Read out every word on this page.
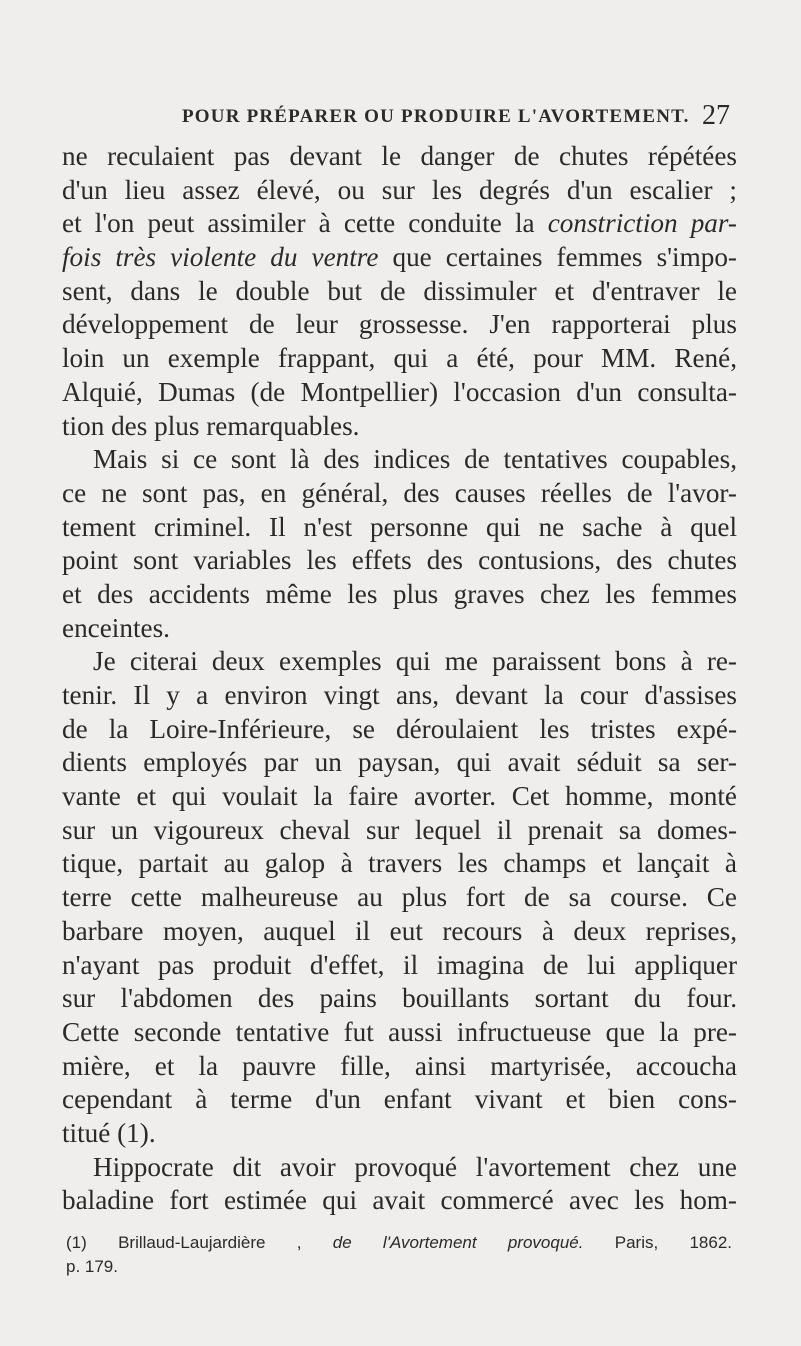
POUR PRÉPARER OU PRODUIRE L'AVORTEMENT. 27
ne reculaient pas devant le danger de chutes répétées
d'un lieu assez élevé, ou sur les degrés d'un escalier ;
et l'on peut assimiler à cette conduite la constriction par-
fois très violente du ventre que certaines femmes s'impo-
sent, dans le double but de dissimuler et d'entraver le
développement de leur grossesse. J'en rapporterai plus
loin un exemple frappant, qui a été, pour MM. René,
Alquié, Dumas (de Montpellier) l'occasion d'un consulta-
tion des plus remarquables.
Mais si ce sont là des indices de tentatives coupables,
ce ne sont pas, en général, des causes réelles de l'avor-
tement criminel. Il n'est personne qui ne sache à quel
point sont variables les effets des contusions, des chutes
et des accidents même les plus graves chez les femmes
enceintes.
Je citerai deux exemples qui me paraissent bons à re-
tenir. Il y a environ vingt ans, devant la cour d'assises
de la Loire-Inférieure, se déroulaient les tristes expé-
dients employés par un paysan, qui avait séduit sa ser-
vante et qui voulait la faire avorter. Cet homme, monté
sur un vigoureux cheval sur lequel il prenait sa domes-
tique, partait au galop à travers les champs et lançait à
terre cette malheureuse au plus fort de sa course. Ce
barbare moyen, auquel il eut recours à deux reprises,
n'ayant pas produit d'effet, il imagina de lui appliquer
sur l'abdomen des pains bouillants sortant du four.
Cette seconde tentative fut aussi infructueuse que la pre-
mière, et la pauvre fille, ainsi martyrisée, accoucha
cependant à terme d'un enfant vivant et bien cons-
titué (1).
Hippocrate dit avoir provoqué l'avortement chez une
baladine fort estimée qui avait commercé avec les hom-
(1) Brillaud-Laujardière , de l'Avortement provoqué. Paris, 1862.
p. 179.
